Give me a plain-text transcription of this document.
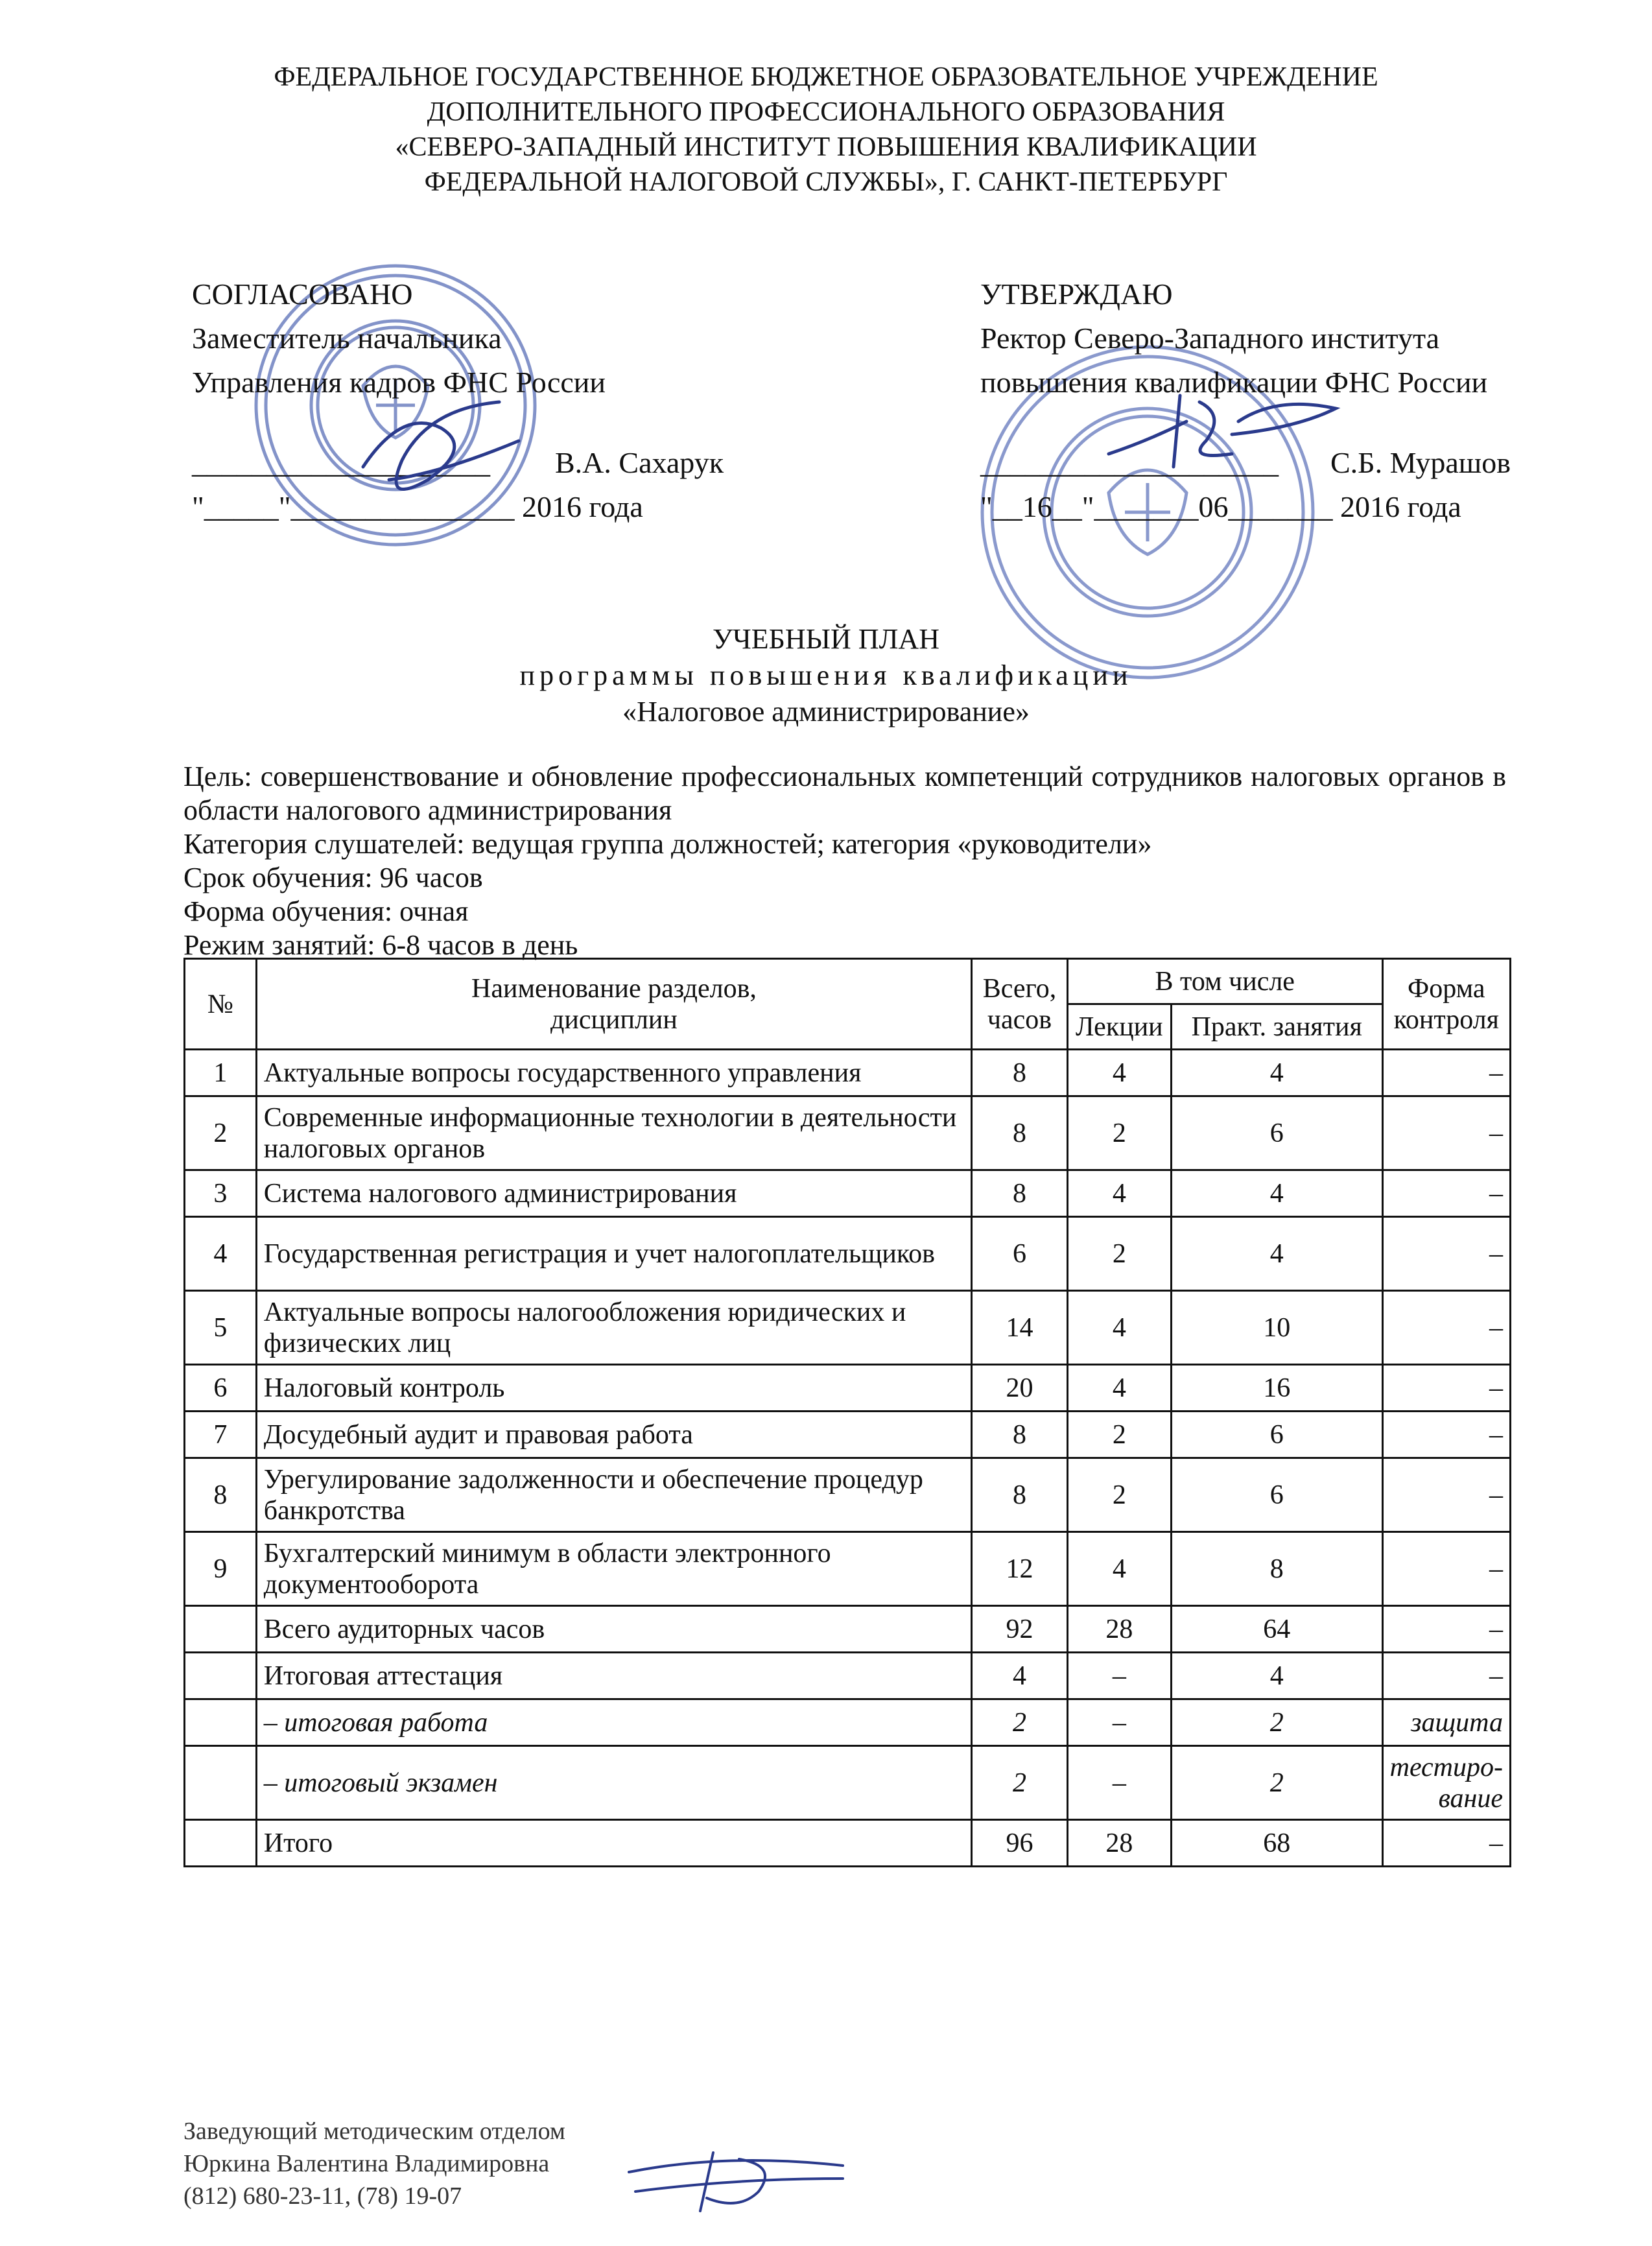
ФЕДЕРАЛЬНОЕ ГОСУДАРСТВЕННОЕ БЮДЖЕТНОЕ ОБРАЗОВАТЕЛЬНОЕ УЧРЕЖДЕНИЕ
ДОПОЛНИТЕЛЬНОГО ПРОФЕССИОНАЛЬНОГО ОБРАЗОВАНИЯ
«СЕВЕРО-ЗАПАДНЫЙ ИНСТИТУТ ПОВЫШЕНИЯ КВАЛИФИКАЦИИ
ФЕДЕРАЛЬНОЙ НАЛОГОВОЙ СЛУЖБЫ», Г. САНКТ-ПЕТЕРБУРГ
СОГЛАСОВАНО
Заместитель начальника
Управления кадров ФНС России
____________________ В.А. Сахарук
"_____"_______________ 2016 года
УТВЕРЖДАЮ
Ректор Северо-Западного института
повышения квалификации ФНС России
____________________ С.Б. Мурашов
"__16__"_______06_______ 2016 года
УЧЕБНЫЙ ПЛАН
программы повышения квалификации
«Налоговое администрирование»

Цель: совершенствование и обновление профессиональных компетенций сотрудников налоговых органов в области налогового администрирования

Категория слушателей: ведущая группа должностей; категория «руководители»

Срок обучения: 96 часов

Форма обучения: очная

Режим занятий: 6-8 часов в день

№	Наименование разделов, дисциплин	Всего, часов	В том числе		Форма контроля
			Лекции	Практ. занятия	
1	Актуальные вопросы государственного управления	8	4	4	–
2	Современные информационные технологии в деятельности налоговых органов	8	2	6	–
3	Система налогового администрирования	8	4	4	–
4	Государственная регистрация и учет налогоплательщиков	6	2	4	–
5	Актуальные вопросы налогообложения юридических и физических лиц	14	4	10	–
6	Налоговый контроль	20	4	16	–
7	Досудебный аудит и правовая работа	8	2	6	–
8	Урегулирование задолженности и обеспечение процедур банкротства	8	2	6	–
9	Бухгалтерский минимум в области электронного документооборота	12	4	8	–
	Всего аудиторных часов	92	28	64	–
	Итоговая аттестация	4	–	4	–
	– итоговая работа	2	–	2	защита
	– итоговый экзамен	2	–	2	тестиро-вание
	Итого	96	28	68	–

Заведующий методическим отделом

Юркина Валентина Владимировна

(812) 680-23-11, (78) 19-07
